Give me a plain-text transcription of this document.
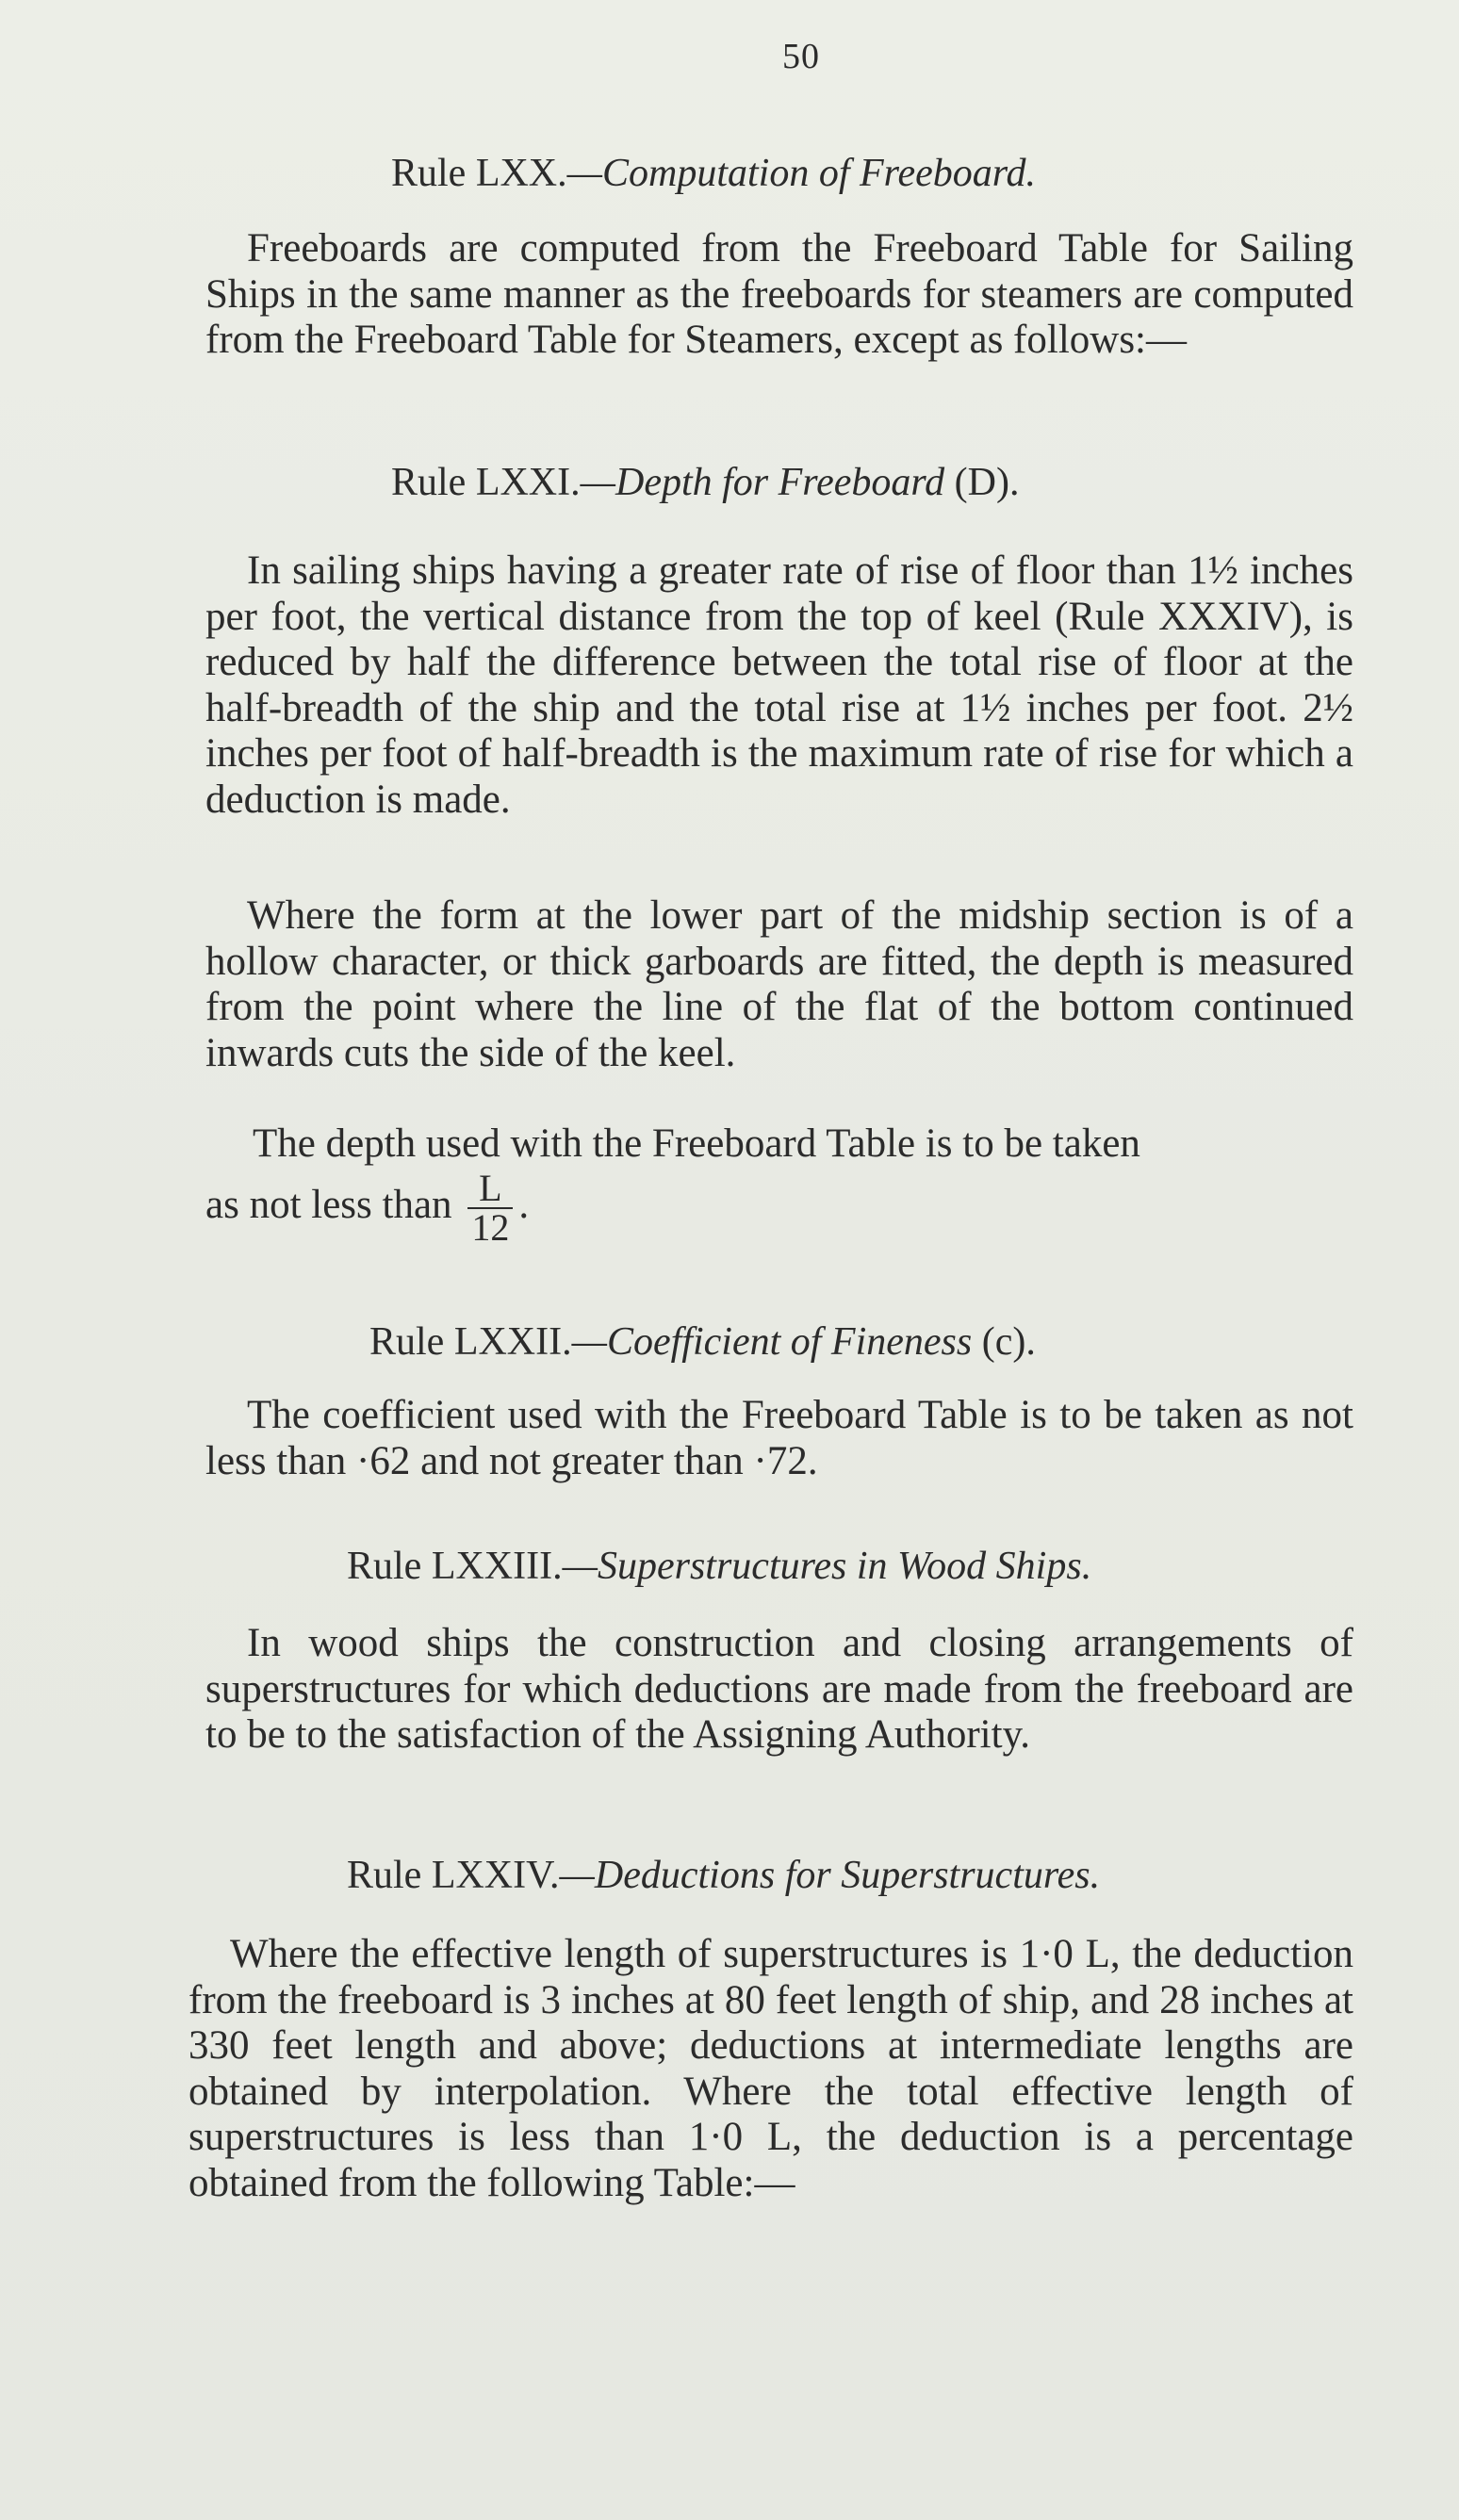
50
Rule LXX.—Computation of Freeboard.

Freeboards are computed from the Freeboard Table for Sailing Ships in the same manner as the freeboards for steamers are computed from the Freeboard Table for Steamers, except as follows:—

Rule LXXI.—Depth for Freeboard (D).

In sailing ships having a greater rate of rise of floor than 1½ inches per foot, the vertical distance from the top of keel (Rule XXXIV), is reduced by half the difference between the total rise of floor at the half-breadth of the ship and the total rise at 1½ inches per foot. 2½ inches per foot of half-breadth is the maximum rate of rise for which a deduction is made.

Where the form at the lower part of the midship section is of a hollow character, or thick garboards are fitted, the depth is measured from the point where the line of the flat of the bottom continued inwards cuts the side of the keel.

The depth used with the Freeboard Table is to be taken
as not less than $\frac{L}{12}$ .
Rule LXXII.—Coefficient of Fineness (c).

The coefficient used with the Freeboard Table is to be taken as not less than ·62 and not greater than ·72.

Rule LXXIII.—Superstructures in Wood Ships.

In wood ships the construction and closing arrangements of superstructures for which deductions are made from the freeboard are to be to the satisfaction of the Assigning Authority.

Rule LXXIV.—Deductions for Superstructures.

Where the effective length of superstructures is 1·0 L, the deduction from the freeboard is 3 inches at 80 feet length of ship, and 28 inches at 330 feet length and above; deductions at intermediate lengths are obtained by interpolation. Where the total effective length of superstructures is less than 1·0 L, the deduction is a percentage obtained from the following Table:—
